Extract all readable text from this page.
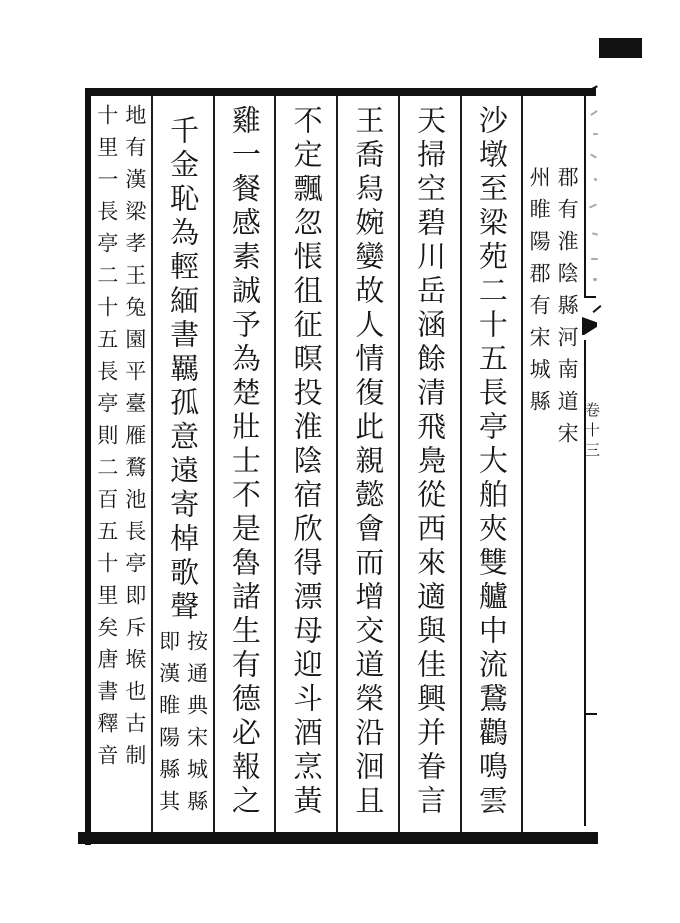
卷十三
郡有淮陰縣河南道宋
州睢陽郡有宋城縣
沙墩至梁苑二十五長亭大舶夾雙艫中流鵞鸛鳴雲
天掃空碧川岳涵餘清飛鳧從西來適與佳興并眷言
王喬舄婉孌故人情復此親懿會而增交道榮沿洄且
不定飄忽悵徂征暝投淮陰宿欣得漂母迎斗酒烹黃
雞一餐感素誠予為楚壯士不是魯諸生有德必報之
千金恥為輕緬書羈孤意遠寄棹歌聲
按通典宋城縣
即漢睢陽縣其
地有漢梁孝王兔園平臺雁鶩池長亭即斥堠也古制
十里一長亭二十五長亭則二百五十里矣唐書釋音
